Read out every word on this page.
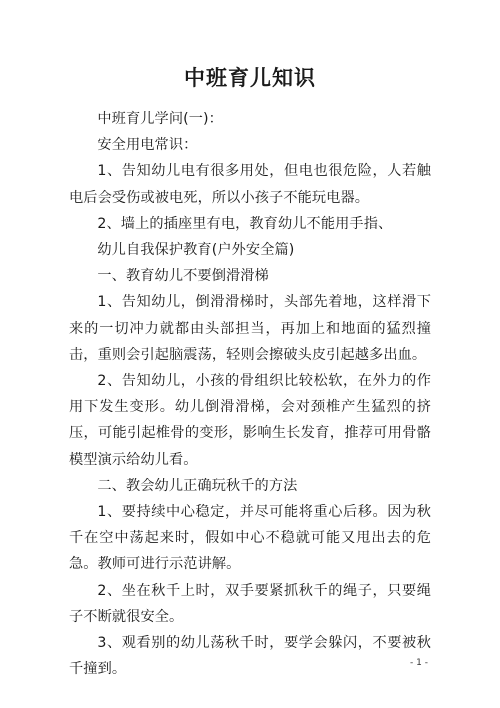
中班育儿知识

中班育儿学问(一)：

安全用电常识：

1、告知幼儿电有很多用处，但电也很危险，人若触电后会受伤或被电死，所以小孩子不能玩电器。

2、墙上的插座里有电，教育幼儿不能用手指、

幼儿自我保护教育(户外安全篇)

一、教育幼儿不要倒滑滑梯

1、告知幼儿，倒滑滑梯时，头部先着地，这样滑下来的一切冲力就都由头部担当，再加上和地面的猛烈撞击，重则会引起脑震荡，轻则会擦破头皮引起越多出血。

2、告知幼儿，小孩的骨组织比较松软，在外力的作用下发生变形。幼儿倒滑滑梯，会对颈椎产生猛烈的挤压，可能引起椎骨的变形，影响生长发育，推荐可用骨骼模型演示给幼儿看。

二、教会幼儿正确玩秋千的方法

1、要持续中心稳定，并尽可能将重心后移。因为秋千在空中荡起来时，假如中心不稳就可能又甩出去的危急。教师可进行示范讲解。

2、坐在秋千上时，双手要紧抓秋千的绳子，只要绳子不断就很安全。

3、观看别的幼儿荡秋千时，要学会躲闪，不要被秋千撞到。	- 1 -
